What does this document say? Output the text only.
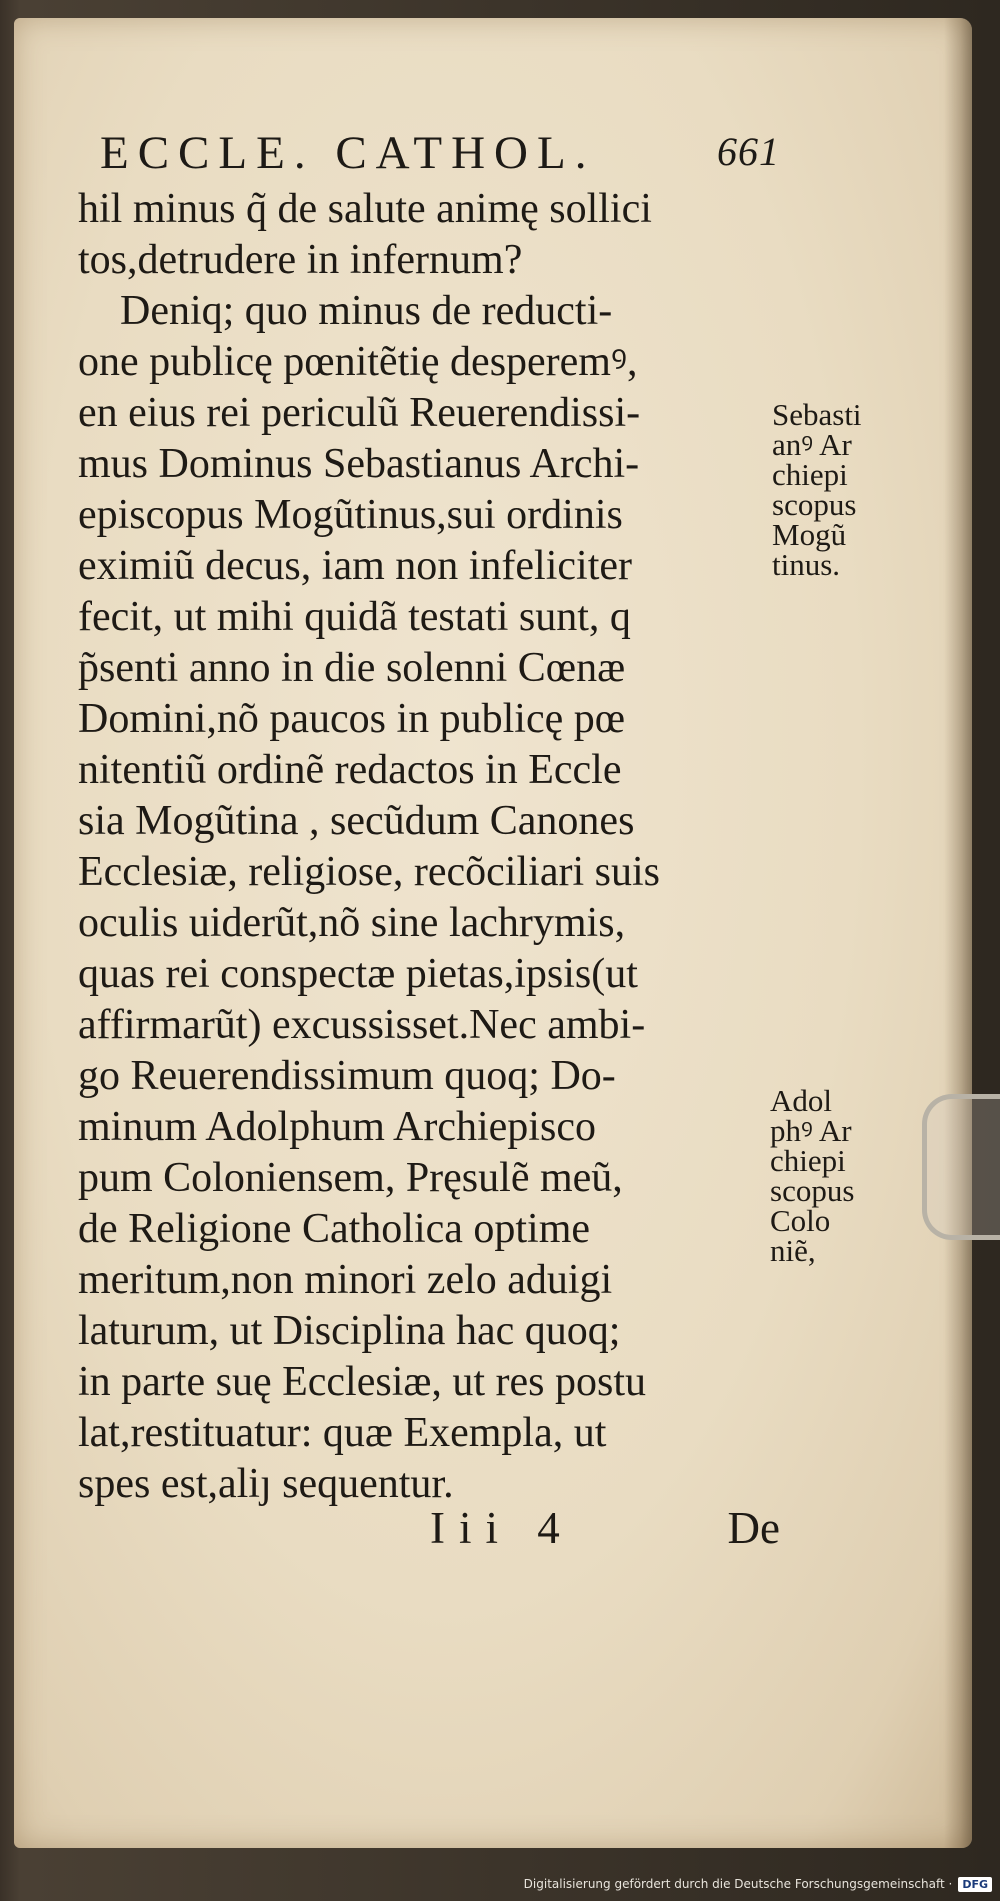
ECCLE. CATHOL.	661
hil minus q̃ de salute animę sollici
tos,detrudere in infernum?
Deniq; quo minus de reducti-
one publicę pœnitẽtię desperemꝰ,
en eius rei periculũ Reuerendissi-
mus Dominus Sebastianus Archi-
episcopus Mogũtinus,sui ordinis
eximiũ decus, iam non infeliciter
fecit, ut mihi quidã testati sunt, q
p̃senti anno in die solenni Cœnæ
Domini,nõ paucos in publicę pœ
nitentiũ ordinẽ redactos in Eccle
sia Mogũtina , secũdum Canones
Ecclesiæ, religiose, recõciliari suis
oculis uiderũt,nõ sine lachrymis,
quas rei conspectæ pietas,ipsis(ut
affirmarũt) excussisset.Nec ambi-
go Reuerendissimum quoq; Do-
minum Adolphum Archiepisco
pum Coloniensem, Pręsulẽ meũ,
de Religione Catholica optime
meritum,non minori zelo aduigi
laturum, ut Disciplina hac quoq;
in parte suę Ecclesiæ, ut res postu
lat,restituatur: quæ Exempla, ut
spes est,aliȷ sequentur.
Sebasti
anꝰ Ar
chiepi
scopus
Mogũ
tinus.
Adol
phꝰ Ar
chiepi
scopus
Colo
niẽ,
Iii 4	De
Digitalisierung gefördert durch die Deutsche Forschungsgemeinschaft · DFG
